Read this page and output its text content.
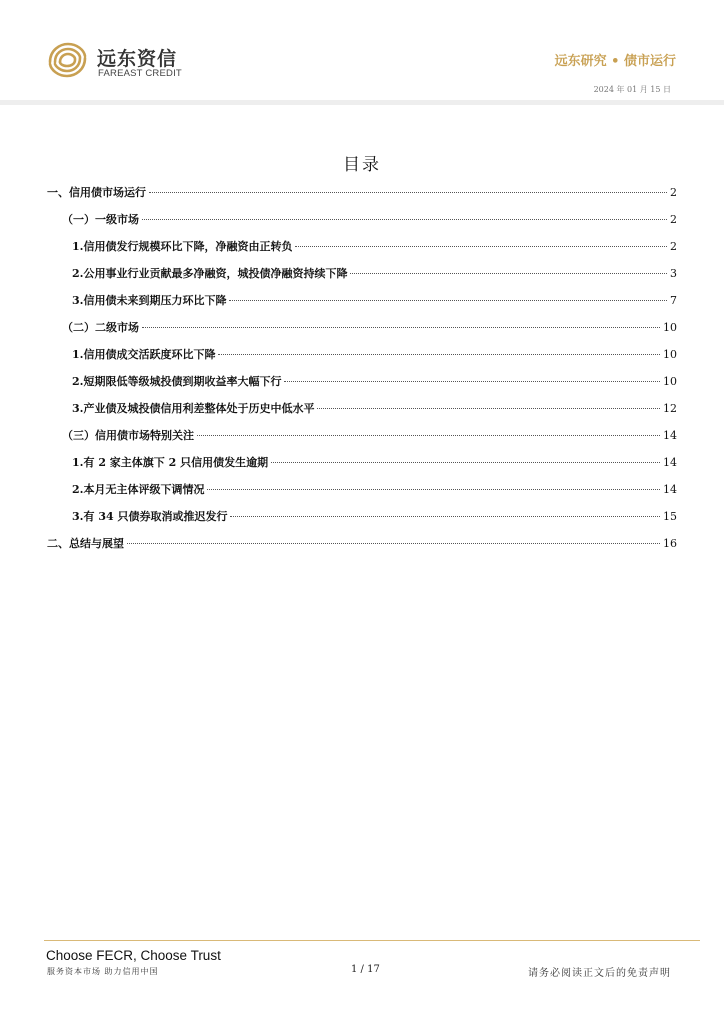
远东资信
FAREAST CREDIT
远东研究 • 债市运行
2024 年 01 月 15 日
目录
一、信用债市场运行	2
（一）一级市场	2
1.信用债发行规模环比下降，净融资由正转负	2
2.公用事业行业贡献最多净融资，城投债净融资持续下降	3
3.信用债未来到期压力环比下降	7
（二）二级市场	10
1.信用债成交活跃度环比下降	10
2.短期限低等级城投债到期收益率大幅下行	10
3.产业债及城投债信用利差整体处于历史中低水平	12
（三）信用债市场特别关注	14
1.有 2 家主体旗下 2 只信用债发生逾期	14
2.本月无主体评级下调情况	14
3.有 34 只债券取消或推迟发行	15
二、总结与展望	16
Choose FECR, Choose Trust
服务资本市场 助力信用中国	1 / 17	请务必阅读正文后的免责声明
